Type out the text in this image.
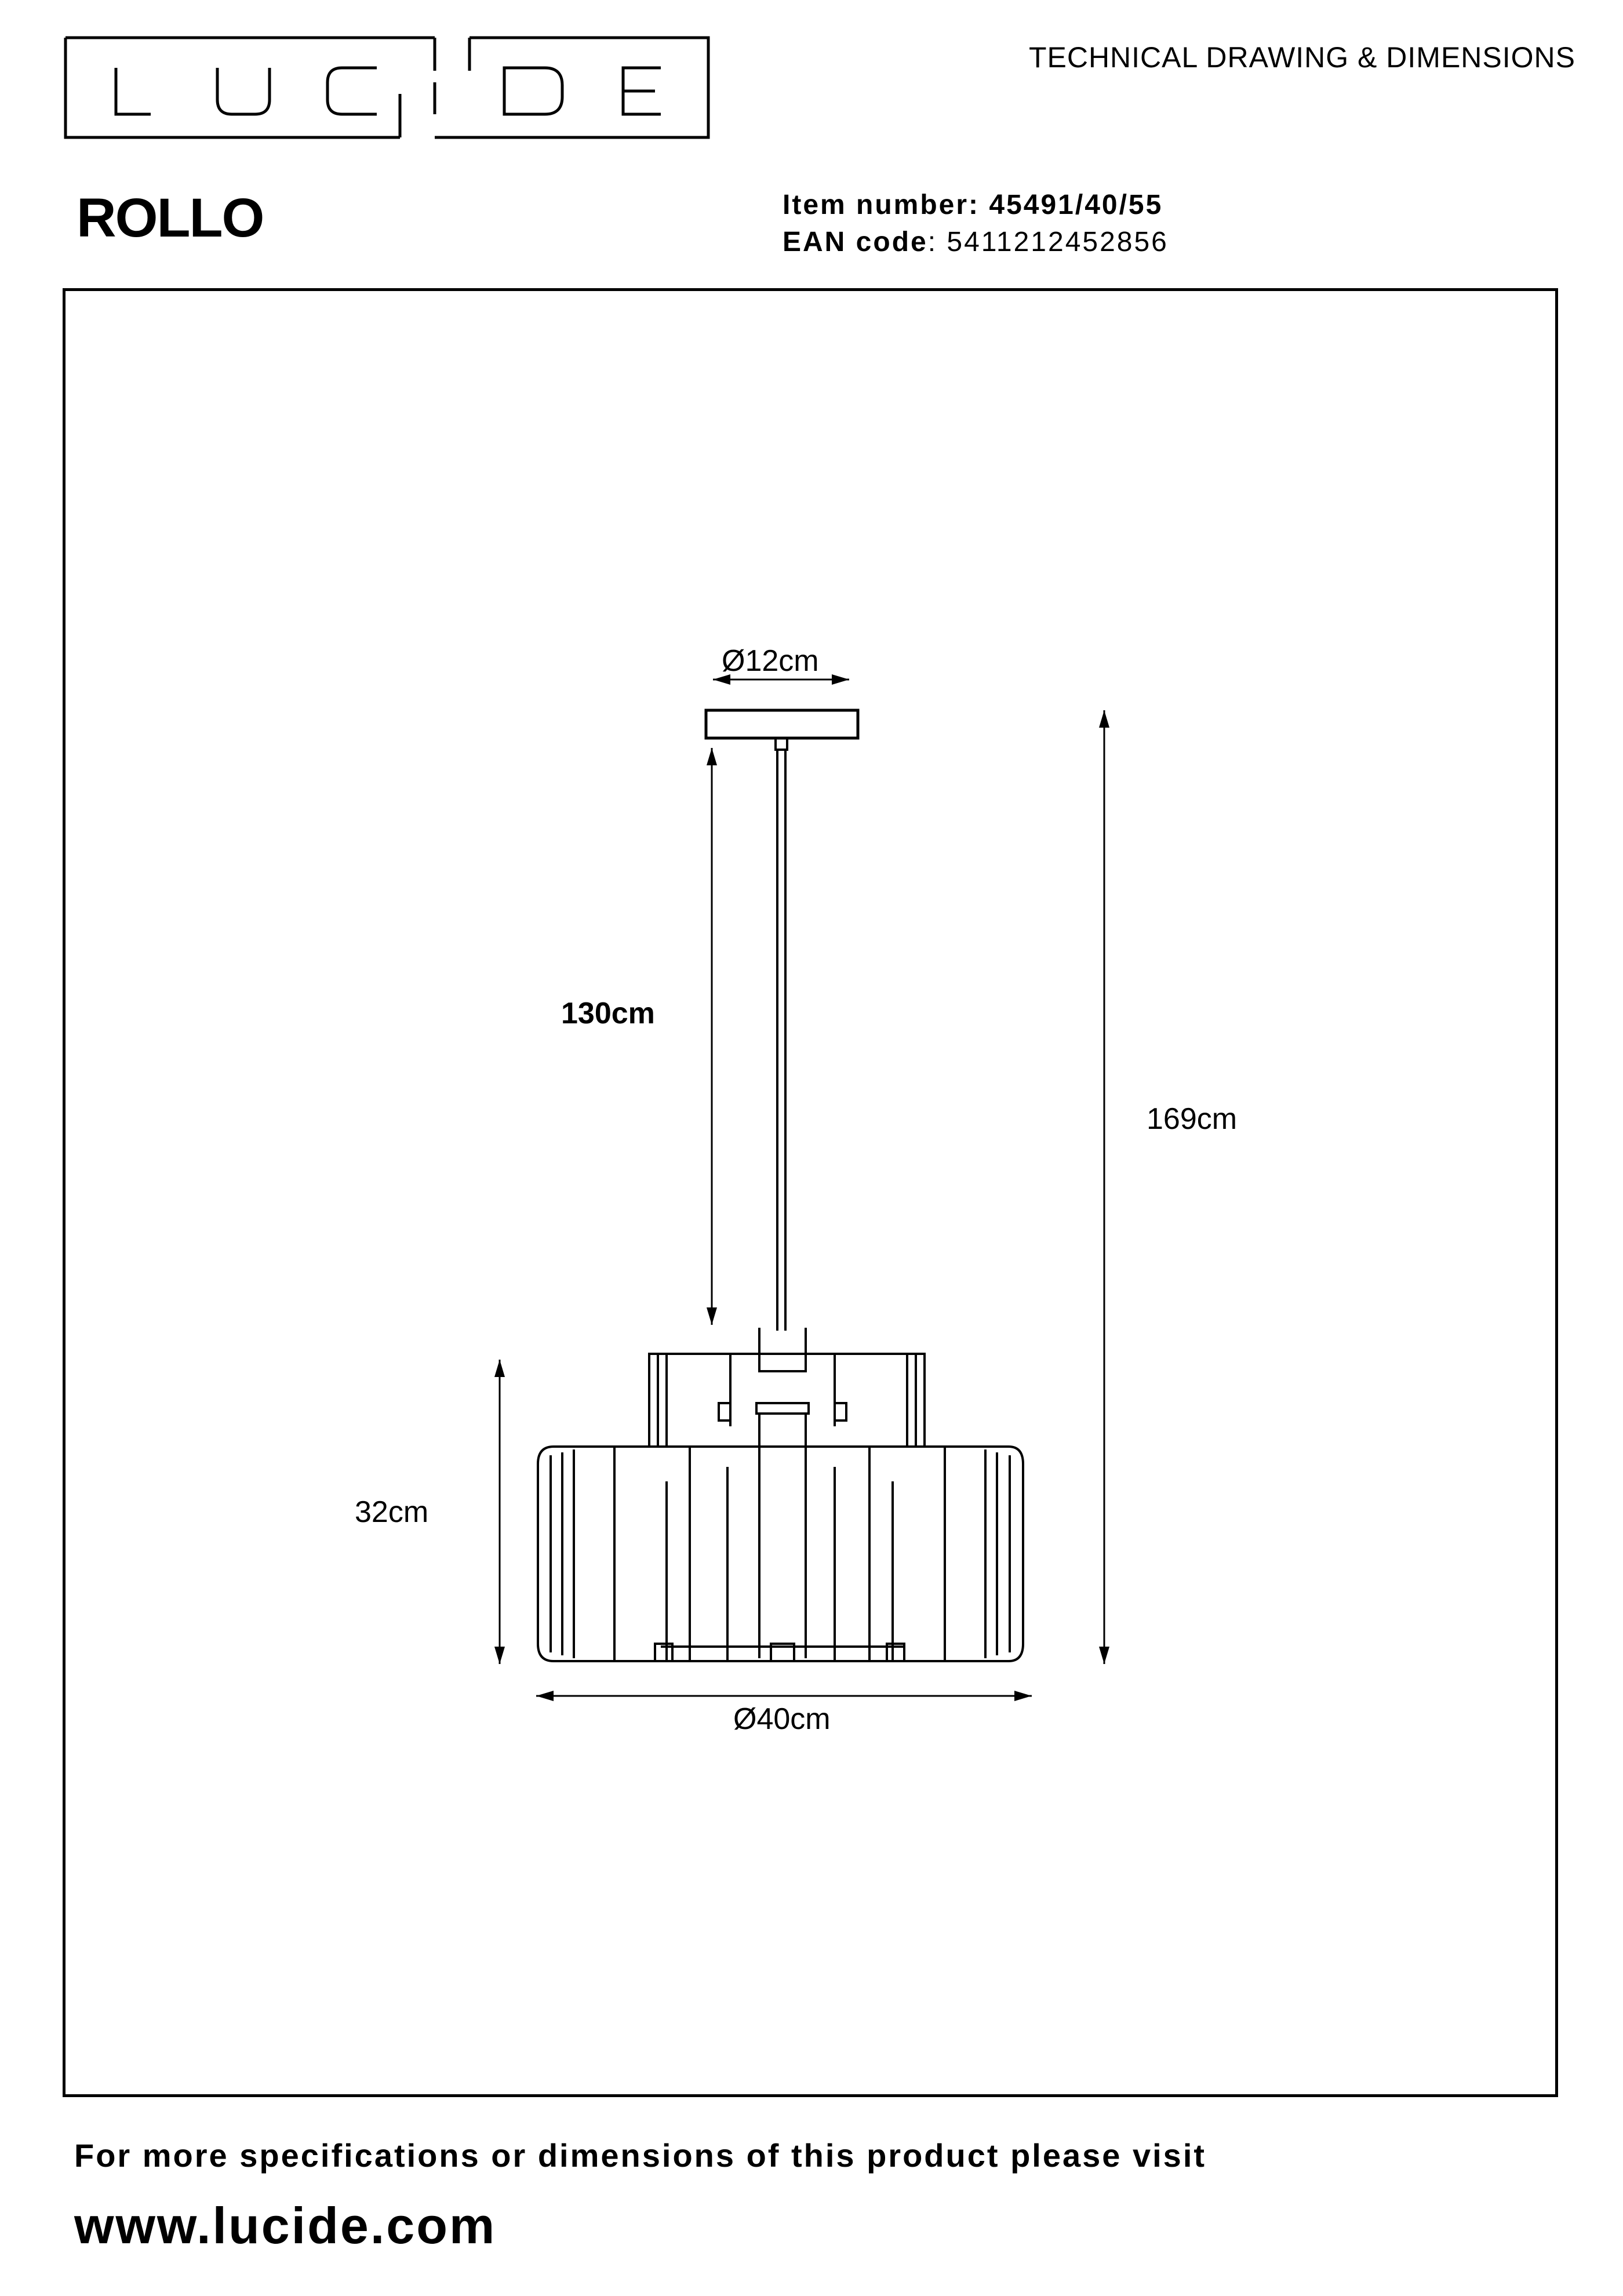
TECHNICAL DRAWING & DIMENSIONS
ROLLO	Item number: 45491/40/55
EAN code: 5411212452856
Ø12cm
130cm
169cm
32cm
Ø40cm
For more specifications or dimensions of this product please visit
www.lucide.com
